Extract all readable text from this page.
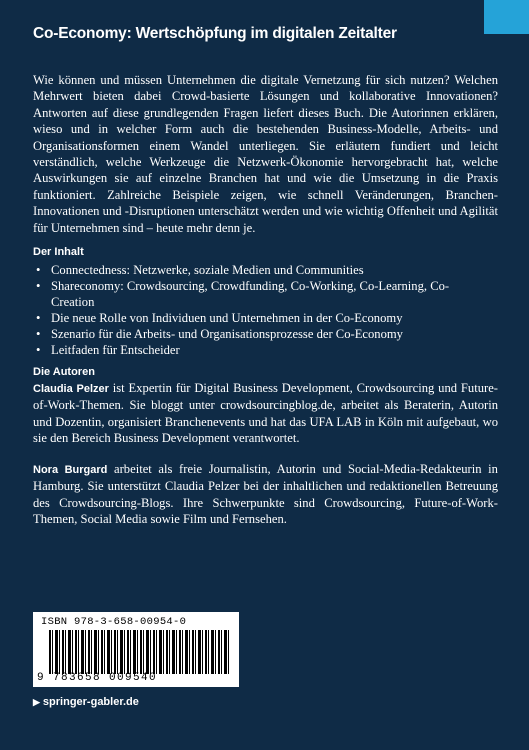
Co-Economy: Wertschöpfung im digitalen Zeitalter
Wie können und müssen Unternehmen die digitale Vernetzung für sich nutzen? Welchen Mehrwert bieten dabei Crowd-basierte Lösungen und kollaborative Innovationen? Antworten auf diese grundlegenden Fragen liefert dieses Buch. Die Autorinnen erklären, wieso und in welcher Form auch die bestehenden Business-Modelle, Arbeits- und Organisationsformen einem Wandel unterliegen. Sie erläutern fundiert und leicht verständlich, welche Werkzeuge die Netzwerk-Ökonomie hervorgebracht hat, welche Auswirkungen sie auf einzelne Branchen hat und wie die Umsetzung in die Praxis funktioniert. Zahlreiche Beispiele zeigen, wie schnell Veränderungen, Branchen-Innovationen und -Disruptionen unterschätzt werden und wie wichtig Offenheit und Agilität für Unternehmen sind – heute mehr denn je.
Der Inhalt
• Connectedness: Netzwerke, soziale Medien und Communities
• Shareconomy: Crowdsourcing, Crowdfunding, Co-Working, Co-Learning, Co-Creation
• Die neue Rolle von Individuen und Unternehmen in der Co-Economy
• Szenario für die Arbeits- und Organisationsprozesse der Co-Economy
• Leitfaden für Entscheider
Die Autoren
Claudia Pelzer ist Expertin für Digital Business Development, Crowdsourcing und Future-of-Work-Themen. Sie bloggt unter crowdsourcingblog.de, arbeitet als Beraterin, Autorin und Dozentin, organisiert Branchenevents und hat das UFA LAB in Köln mit aufgebaut, wo sie den Bereich Business Development verantwortet.
Nora Burgard arbeitet als freie Journalistin, Autorin und Social-Media-Redakteurin in Hamburg. Sie unterstützt Claudia Pelzer bei der inhaltlichen und redaktionellen Betreuung des Crowdsourcing-Blogs. Ihre Schwerpunkte sind Crowdsourcing, Future-of-Work-Themen, Social Media sowie Film und Fernsehen.
ISBN 978-3-658-00954-0
9 783658 009540
▶ springer-gabler.de
